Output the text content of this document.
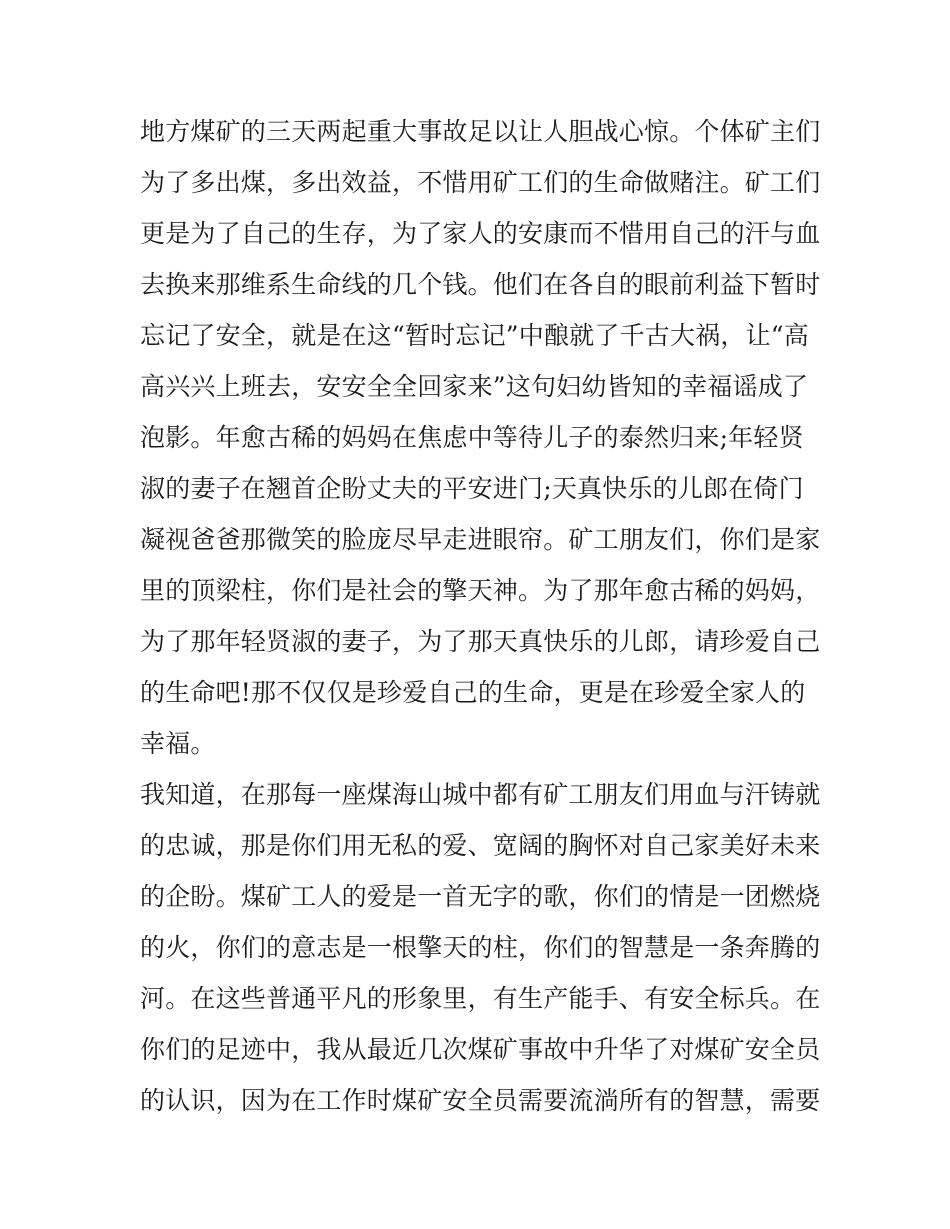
地方煤矿的三天两起重大事故足以让人胆战心惊。个体矿主们
为了多出煤，多出效益，不惜用矿工们的生命做赌注。矿工们
更是为了自己的生存，为了家人的安康而不惜用自己的汗与血
去换来那维系生命线的几个钱。他们在各自的眼前利益下暂时
忘记了安全，就是在这“暂时忘记”中酿就了千古大祸，让“高
高兴兴上班去，安安全全回家来”这句妇幼皆知的幸福谣成了
泡影。年愈古稀的妈妈在焦虑中等待儿子的泰然归来;年轻贤
淑的妻子在翘首企盼丈夫的平安进门;天真快乐的儿郎在倚门
凝视爸爸那微笑的脸庞尽早走进眼帘。矿工朋友们，你们是家
里的顶梁柱，你们是社会的擎天神。为了那年愈古稀的妈妈，
为了那年轻贤淑的妻子，为了那天真快乐的儿郎，请珍爱自己
的生命吧!那不仅仅是珍爱自己的生命，更是在珍爱全家人的
幸福。
我知道，在那每一座煤海山城中都有矿工朋友们用血与汗铸就
的忠诚，那是你们用无私的爱、宽阔的胸怀对自己家美好未来
的企盼。煤矿工人的爱是一首无字的歌，你们的情是一团燃烧
的火，你们的意志是一根擎天的柱，你们的智慧是一条奔腾的
河。在这些普通平凡的形象里，有生产能手、有安全标兵。在
你们的足迹中，我从最近几次煤矿事故中升华了对煤矿安全员
的认识，因为在工作时煤矿安全员需要流淌所有的智慧，需要
